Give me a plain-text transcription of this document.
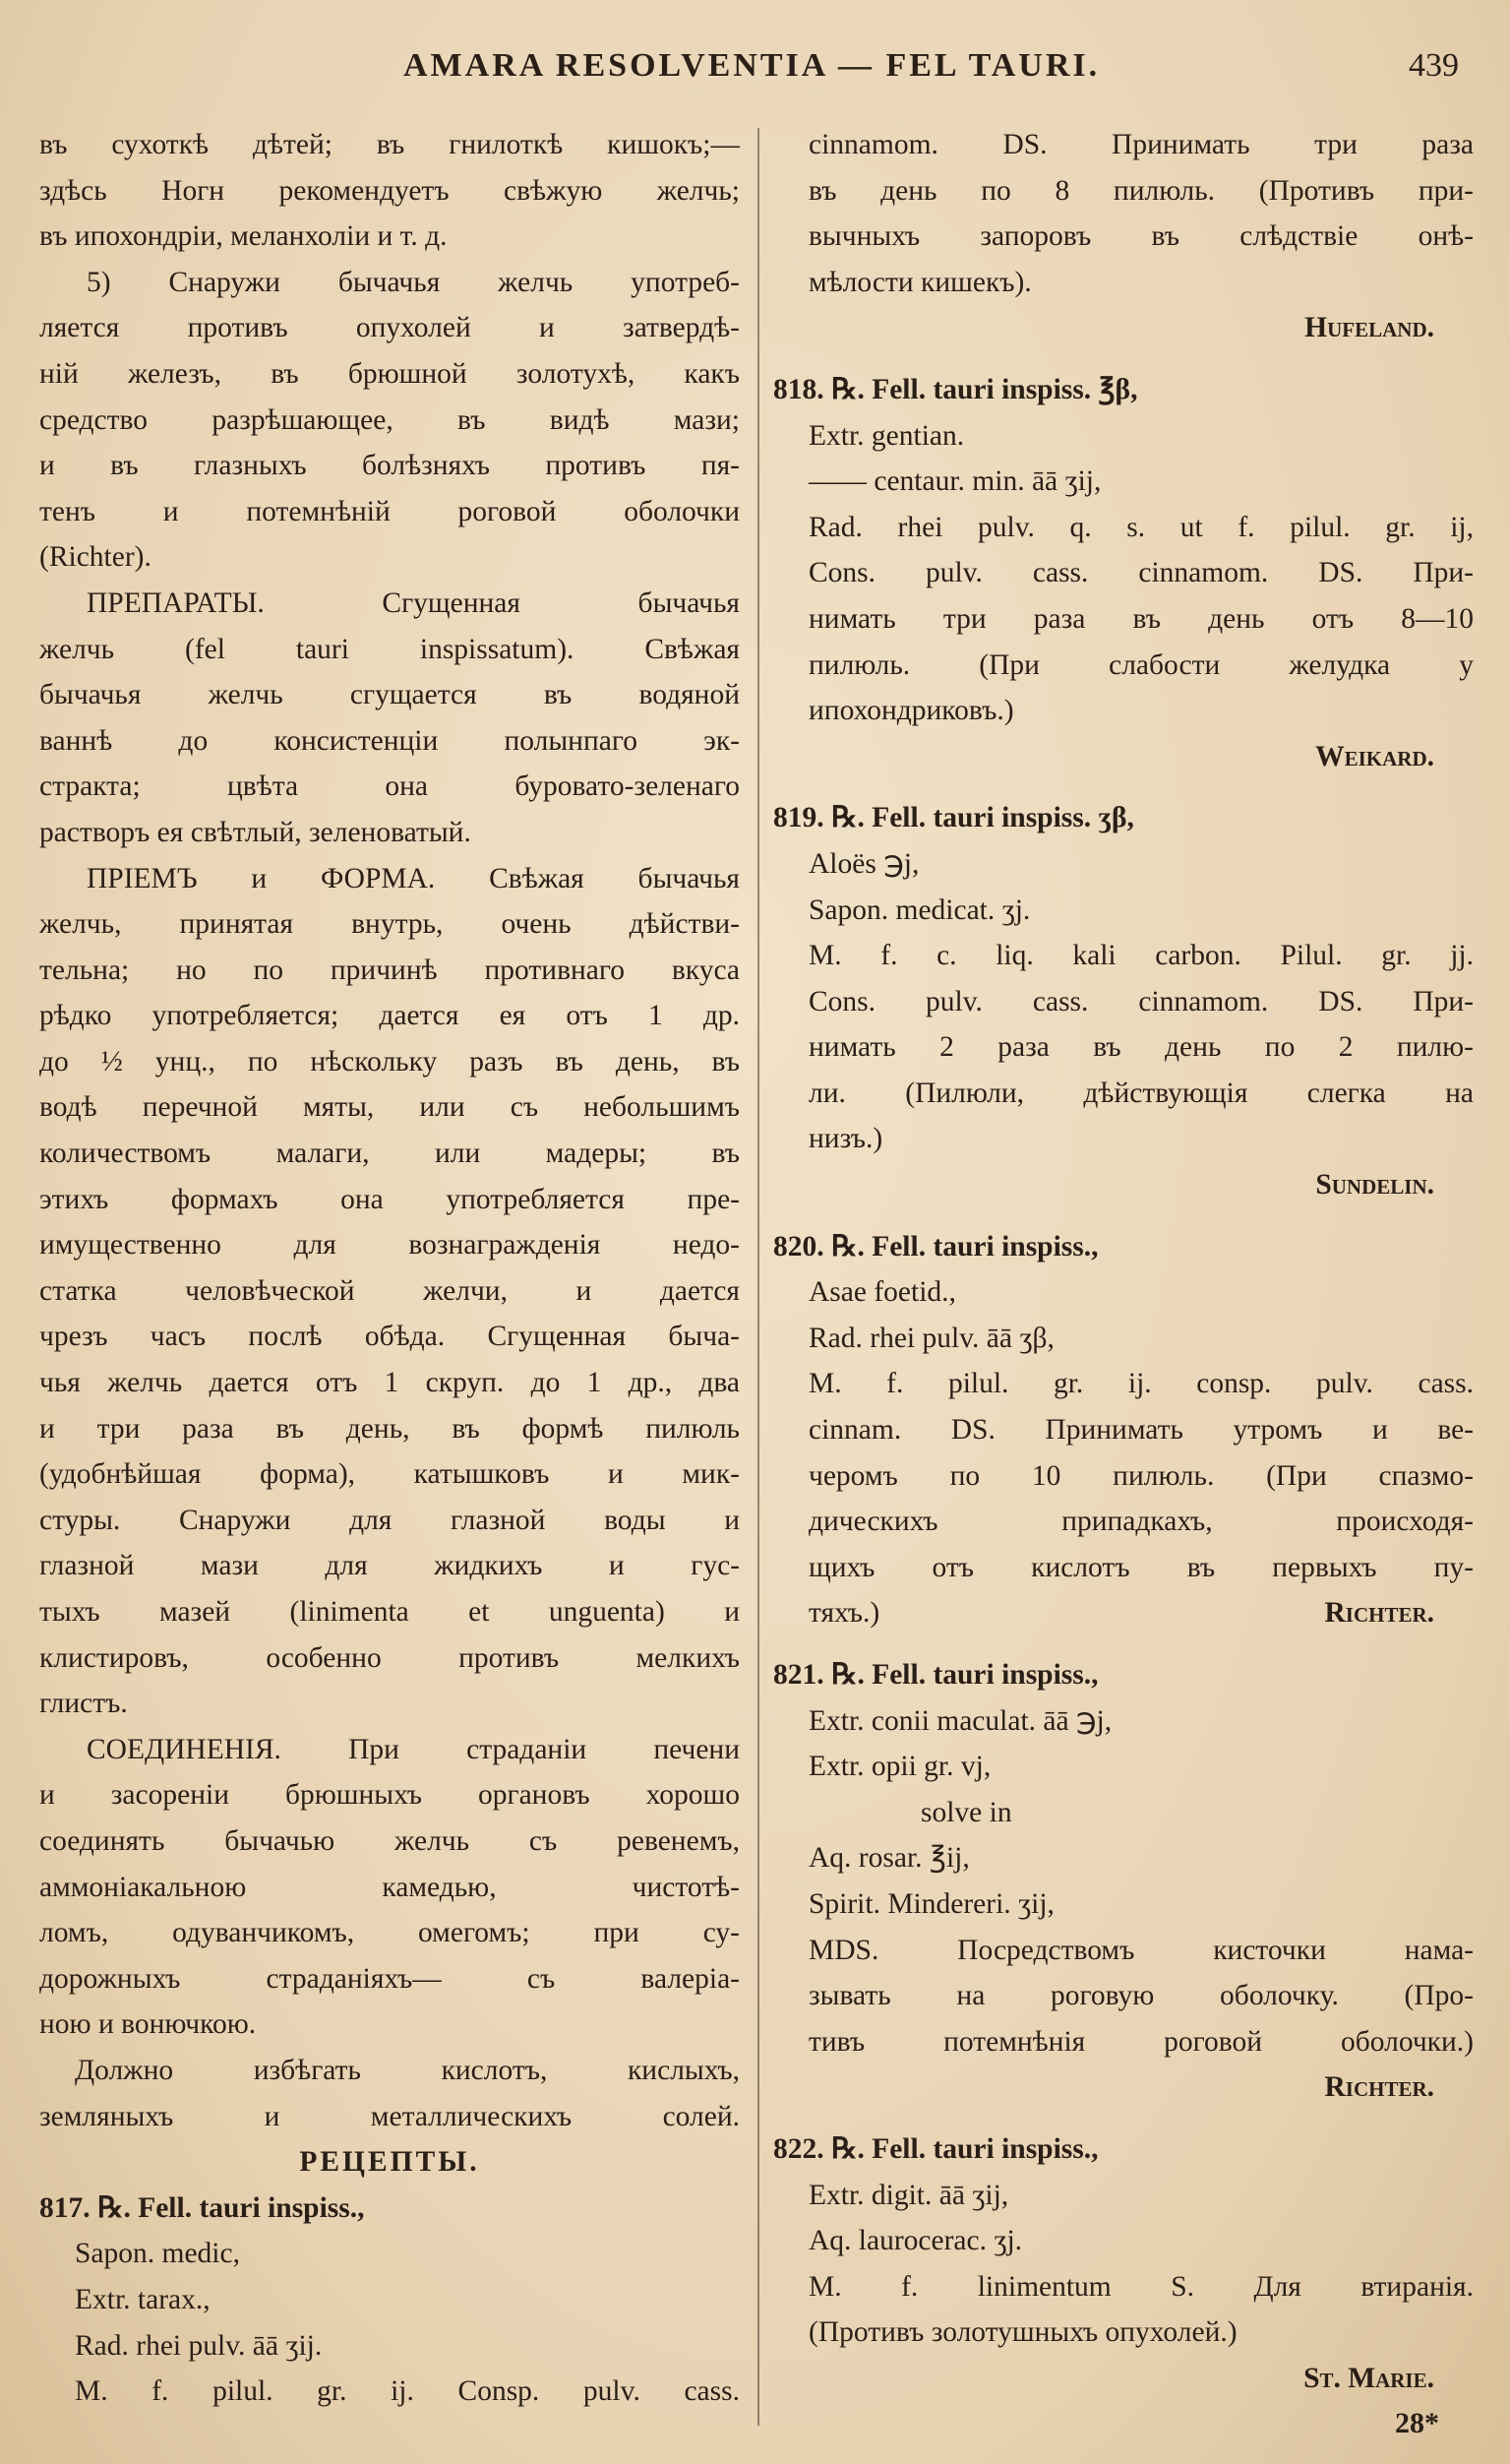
AMARA RESOLVENTIA — FEL TAURI.	439
въ сухоткѣ дѣтей; въ гнилоткѣ кишокъ;—
здѣсь Ногн рекомендуетъ свѣжую желчь;
въ ипохондріи, меланхоліи и т. д.
5) Снаружи бычачья желчь употреб-
ляется противъ опухолей и затвердѣ-
ній железъ, въ брюшной золотухѣ, какъ
средство разрѣшающее, въ видѣ мази;
и въ глазныхъ болѣзняхъ противъ пя-
тенъ и потемнѣній роговой оболочки
(Richter).
ПРЕПАРАТЫ. Сгущенная бычачья
желчь (fel tauri inspissatum). Свѣжая
бычачья желчь сгущается въ водяной
ваннѣ до консистенціи полынпаго эк-
стракта; цвѣта она буровато-зеленаго
растворъ ея свѣтлый, зеленоватый.
ПРІЕМЪ и ФОРМА. Свѣжая бычачья
желчь, принятая внутрь, очень дѣйстви-
тельна; но по причинѣ противнаго вкуса
рѣдко употребляется; дается ея отъ 1 др.
до ½ унц., по нѣскольку разъ въ день, въ
водѣ перечной мяты, или съ небольшимъ
количествомъ малаги, или мадеры; въ
этихъ формахъ она употребляется пре-
имущественно для вознагражденія недо-
статка человѣческой желчи, и дается
чрезъ часъ послѣ обѣда. Сгущенная быча-
чья желчь дается отъ 1 скруп. до 1 др., два
и три раза въ день, въ формѣ пилюль
(удобнѣйшая форма), катышковъ и мик-
стуры. Снаружи для глазной воды и
глазной мази для жидкихъ и гус-
тыхъ мазей (linimenta et unguenta) и
клистировъ, особенно противъ мелкихъ
глистъ.
СОЕДИНЕНІЯ. При страданіи печени
и засореніи брюшныхъ органовъ хорошо
соединять бычачью желчь съ ревенемъ,
аммоніакальною камедью, чистотѣ-
ломъ, одуванчикомъ, омегомъ; при су-
дорожныхъ страданіяхъ— съ валеріа-
ною и вонючкою.
Должно избѣгать кислотъ, кислыхъ,
земляныхъ и металлическихъ солей.
РЕЦЕПТЫ.
817. ℞. Fell. tauri inspiss.,
Sapon. medic,
Extr. tarax.,
Rad. rhei pulv. āā ʒij.
M. f. pilul. gr. ij. Consp. pulv. cass.
cinnamom. DS. Принимать три раза
въ день по 8 пилюль. (Противъ при-
вычныхъ запоровъ въ слѣдствіе онѣ-
мѣлости кишекъ).
Hufeland.
818. ℞. Fell. tauri inspiss. ℥β,
Extr. gentian.
—— centaur. min. āā ʒij,
Rad. rhei pulv. q. s. ut f. pilul. gr. ij,
Cons. pulv. cass. cinnamom. DS. При-
нимать три раза въ день отъ 8—10
пилюль. (При слабости желудка у
ипохондриковъ.)
Weikard.
819. ℞. Fell. tauri inspiss. ʒβ,
Aloës ℈j,
Sapon. medicat. ʒj.
M. f. c. liq. kali carbon. Pilul. gr. jj.
Cons. pulv. cass. cinnamom. DS. При-
нимать 2 раза въ день по 2 пилю-
ли. (Пилюли, дѣйствующія слегка на
низъ.)
Sundelin.
820. ℞. Fell. tauri inspiss.,
Asae foetid.,
Rad. rhei pulv. āā ʒβ,
M. f. pilul. gr. ij. consp. pulv. cass.
cinnam. DS. Принимать утромъ и ве-
черомъ по 10 пилюль. (При спазмо-
дическихъ припадкахъ, происходя-
щихъ отъ кислотъ въ первыхъ пу-
тяхъ.)	Richter.
821. ℞. Fell. tauri inspiss.,
Extr. conii maculat. āā ℈j,
Extr. opii gr. vj,
solve in
Aq. rosar. ℥ij,
Spirit. Mindereri. ʒij,
MDS. Посредствомъ кисточки нама-
зывать на роговую оболочку. (Про-
тивъ потемнѣнія роговой оболочки.)
Richter.
822. ℞. Fell. tauri inspiss.,
Extr. digit. āā ʒij,
Aq. laurocerас. ʒj.
M. f. linimentum S. Для втиранія.
(Противъ золотушныхъ опухолей.)
St. Marie.
28*
